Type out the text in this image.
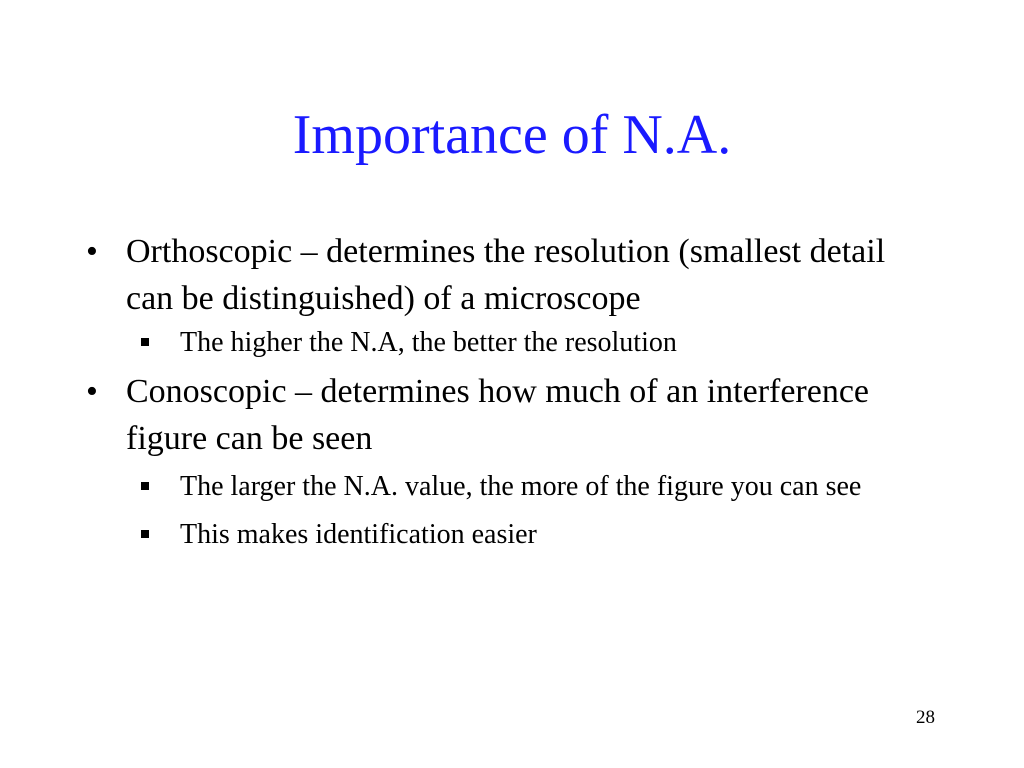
Importance of N.A.
• Orthoscopic – determines the resolution (smallest detail can be distinguished) of a microscope
The higher the N.A, the better the resolution
• Conoscopic – determines how much of an interference figure can be seen
The larger the N.A. value, the more of the figure you can see
This makes identification easier
28
